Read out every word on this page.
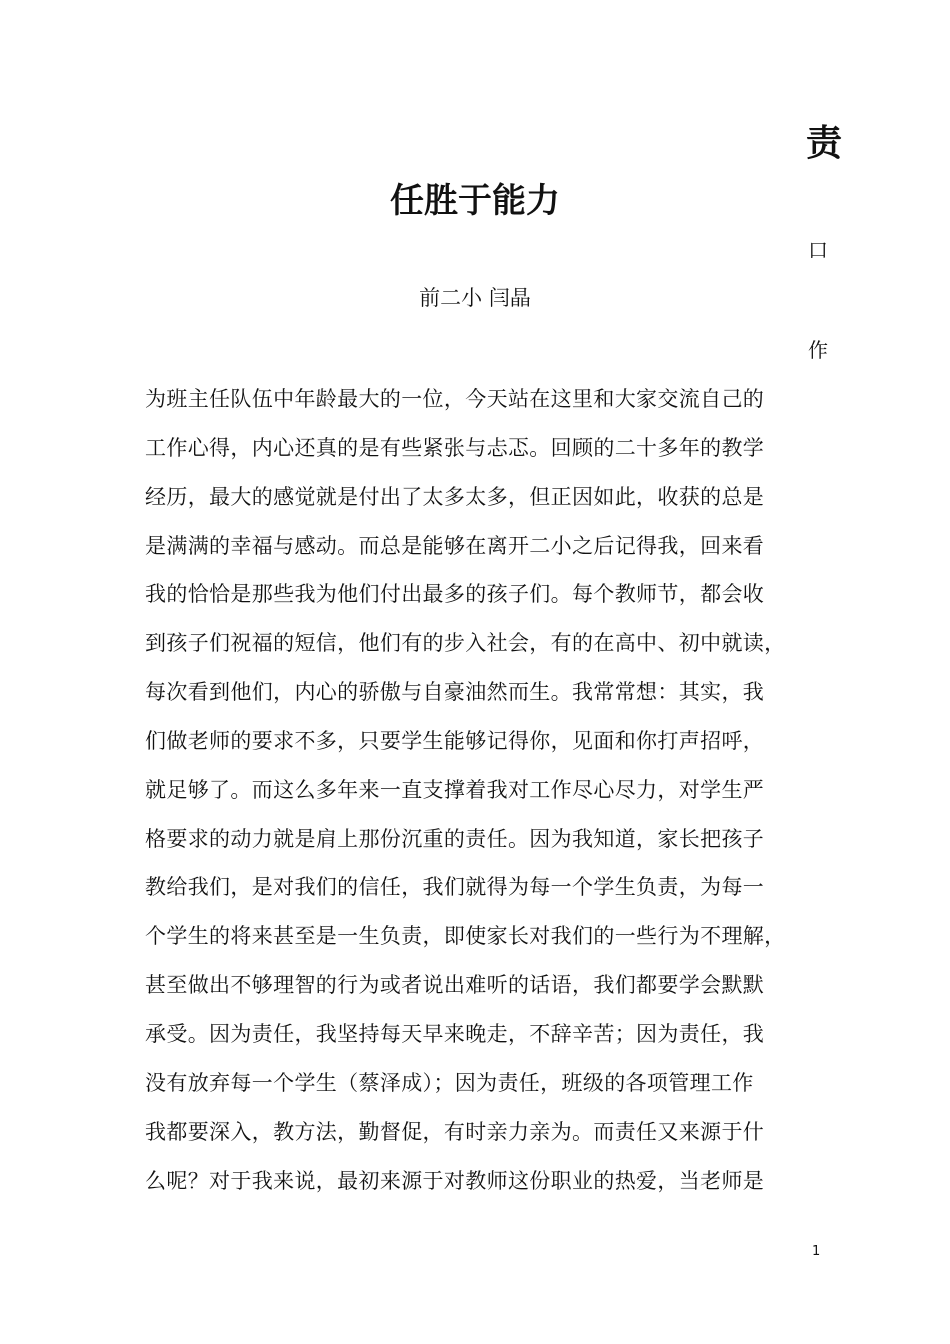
责
任胜于能力
口
前二小 闫晶
作
为班主任队伍中年龄最大的一位，今天站在这里和大家交流自己的
工作心得，内心还真的是有些紧张与忐忑。回顾的二十多年的教学
经历，最大的感觉就是付出了太多太多，但正因如此，收获的总是
是满满的幸福与感动。而总是能够在离开二小之后记得我，回来看
我的恰恰是那些我为他们付出最多的孩子们。每个教师节，都会收
到孩子们祝福的短信，他们有的步入社会，有的在高中、初中就读，
每次看到他们，内心的骄傲与自豪油然而生。我常常想：其实，我
们做老师的要求不多，只要学生能够记得你，见面和你打声招呼，
就足够了。而这么多年来一直支撑着我对工作尽心尽力，对学生严
格要求的动力就是肩上那份沉重的责任。因为我知道，家长把孩子
教给我们，是对我们的信任，我们就得为每一个学生负责，为每一
个学生的将来甚至是一生负责，即使家长对我们的一些行为不理解，
甚至做出不够理智的行为或者说出难听的话语，我们都要学会默默
承受。因为责任，我坚持每天早来晚走，不辞辛苦；因为责任，我
没有放弃每一个学生（蔡泽成）；因为责任，班级的各项管理工作
我都要深入，教方法，勤督促，有时亲力亲为。而责任又来源于什
么呢？对于我来说，最初来源于对教师这份职业的热爱，当老师是
1
